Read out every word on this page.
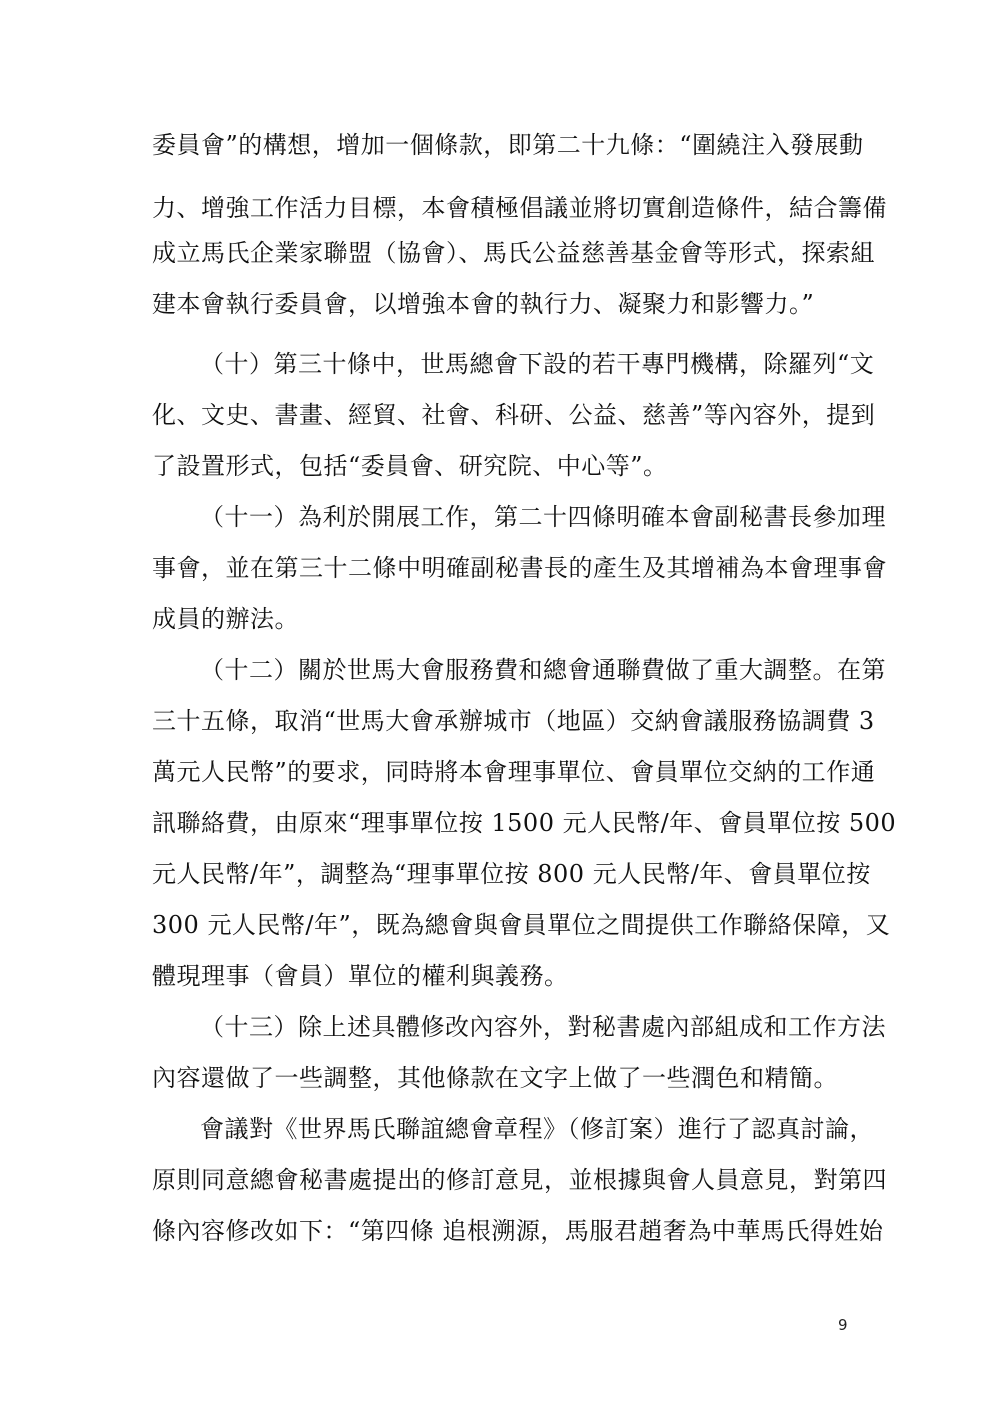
委員會”的構想，增加一個條款，即第二十九條：“圍繞注入發展動
力、增強工作活力目標，本會積極倡議並將切實創造條件，結合籌備
成立馬氏企業家聯盟（協會）、馬氏公益慈善基金會等形式，探索組
建本會執行委員會，以增強本會的執行力、凝聚力和影響力。”
（十）第三十條中，世馬總會下設的若干專門機構，除羅列“文
化、文史、書畫、經貿、社會、科研、公益、慈善”等內容外，提到
了設置形式，包括“委員會、研究院、中心等”。
（十一）為利於開展工作，第二十四條明確本會副秘書長參加理
事會，並在第三十二條中明確副秘書長的產生及其增補為本會理事會
成員的辦法。
（十二）關於世馬大會服務費和總會通聯費做了重大調整。在第
三十五條，取消“世馬大會承辦城市（地區）交納會議服務協調費 3
萬元人民幣”的要求，同時將本會理事單位、會員單位交納的工作通
訊聯絡費，由原來“理事單位按 1500 元人民幣/年、會員單位按 500
元人民幣/年”，調整為“理事單位按 800 元人民幣/年、會員單位按
300 元人民幣/年”，既為總會與會員單位之間提供工作聯絡保障，又
體現理事（會員）單位的權利與義務。
（十三）除上述具體修改內容外，對秘書處內部組成和工作方法
內容還做了一些調整，其他條款在文字上做了一些潤色和精簡。
會議對《世界馬氏聯誼總會章程》（修訂案）進行了認真討論，
原則同意總會秘書處提出的修訂意見，並根據與會人員意見，對第四
條內容修改如下：“第四條 追根溯源，馬服君趙奢為中華馬氏得姓始
9
